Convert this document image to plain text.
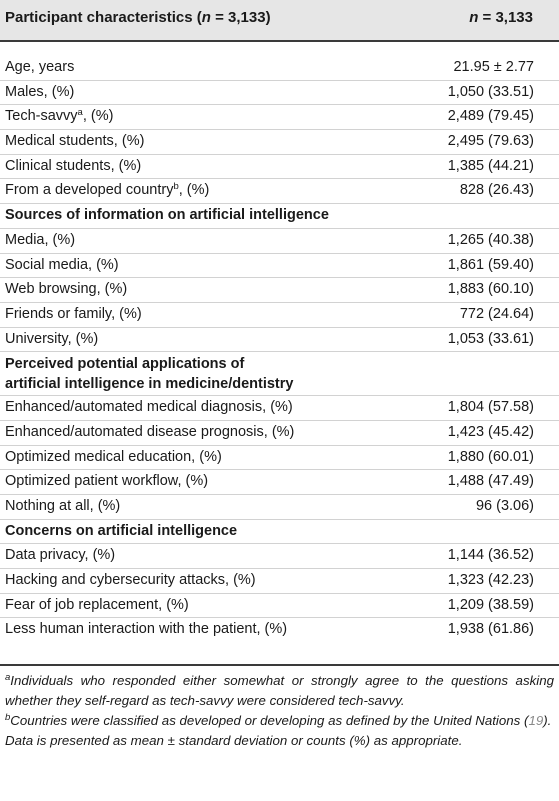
Participant characteristics (n = 3,133)	n = 3,133
Age, years	21.95 ± 2.77
Males, (%)	1,050 (33.51)
Tech-savvy$^a$, (%)	2,489 (79.45)
Medical students, (%)	2,495 (79.63)
Clinical students, (%)	1,385 (44.21)
From a developed country$^b$, (%)	828 (26.43)
Sources of information on artificial intelligence
Media, (%)	1,265 (40.38)
Social media, (%)	1,861 (59.40)
Web browsing, (%)	1,883 (60.10)
Friends or family, (%)	772 (24.64)
University, (%)	1,053 (33.61)
Perceived potential applications of
artificial intelligence in medicine/dentistry
Enhanced/automated medical diagnosis, (%)	1,804 (57.58)
Enhanced/automated disease prognosis, (%)	1,423 (45.42)
Optimized medical education, (%)	1,880 (60.01)
Optimized patient workflow, (%)	1,488 (47.49)
Nothing at all, (%)	96 (3.06)
Concerns on artificial intelligence
Data privacy, (%)	1,144 (36.52)
Hacking and cybersecurity attacks, (%)	1,323 (42.23)
Fear of job replacement, (%)	1,209 (38.59)
Less human interaction with the patient, (%)	1,938 (61.86)

$^a$Individuals who responded either somewhat or strongly agree to the questions asking whether they self-regard as tech-savvy were considered tech-savvy.

$^b$Countries were classified as developed or developing as defined by the United Nations (19).

Data is presented as mean ± standard deviation or counts (%) as appropriate.
